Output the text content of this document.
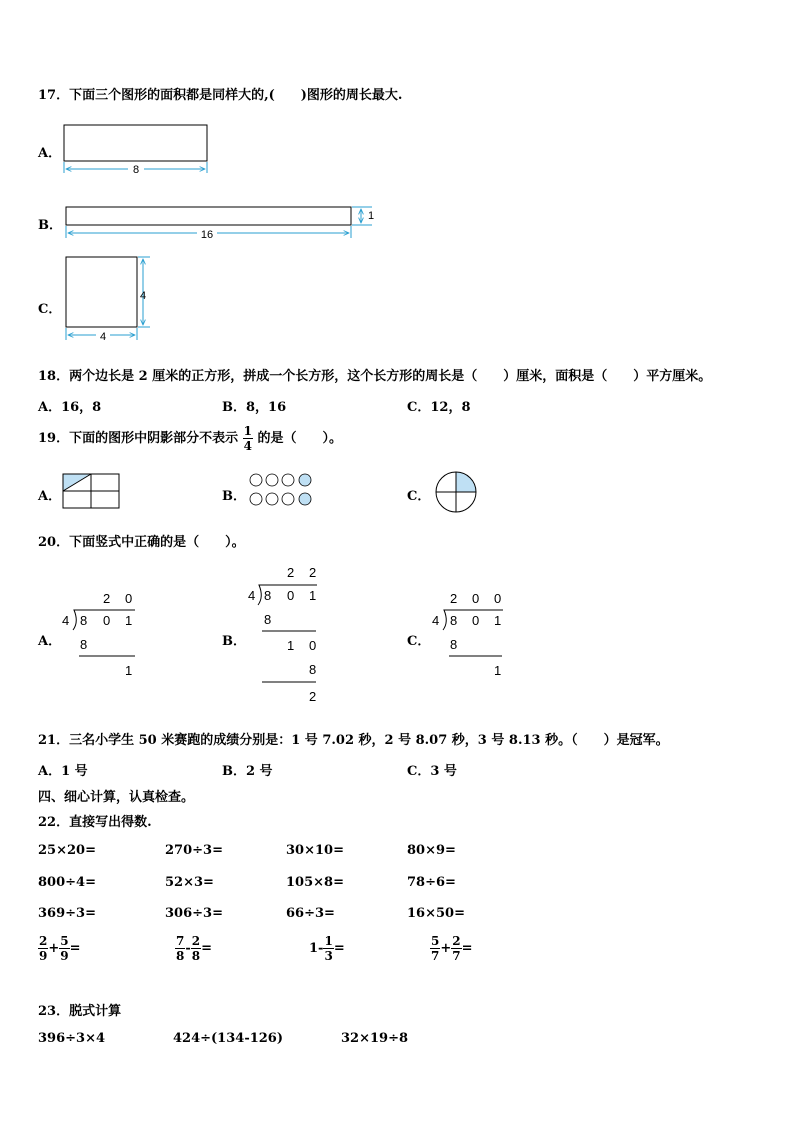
17．下面三个图形的面积都是同样大的,(　　)图形的周长最大.
A．
B．
C．
8
16
1
4
4
18．两个边长是 2 厘米的正方形，拼成一个长方形，这个长方形的周长是（　　）厘米，面积是（　　）平方厘米。
A．16，8	B．8，16	C．12，8
19．下面的图形中阴影部分不表示 $\frac{1}{4}$ 的是（　　）。
A．	B．	C．
20．下面竖式中正确的是（　　）。
A．	B．	C．
2 0
4 8 0 1
8
1
2 2
4 8 0 1
8
1 0
8
2
2 0 0
4 8 0 1
8
1
21．三名小学生 50 米赛跑的成绩分别是：1 号 7.02 秒，2 号 8.07 秒，3 号 8.13 秒。（　　）是冠军。
A．1 号	B．2 号	C．3 号
四、细心计算，认真检查。
22．直接写出得数.
25×20=	270÷3=	30×10=	80×9=
800÷4=	52×3=	105×8=	78÷6=
369÷3=	306÷3=	66÷3=	16×50=
$\frac{2}{9} + \frac{5}{9}$ =	$\frac{7}{8} - \frac{2}{8}$ =	$1- \frac{1}{3}$ =	$\frac{5}{7} + \frac{2}{7}$ =
23．脱式计算
396÷3×4	424÷(134-126)	32×19÷8
